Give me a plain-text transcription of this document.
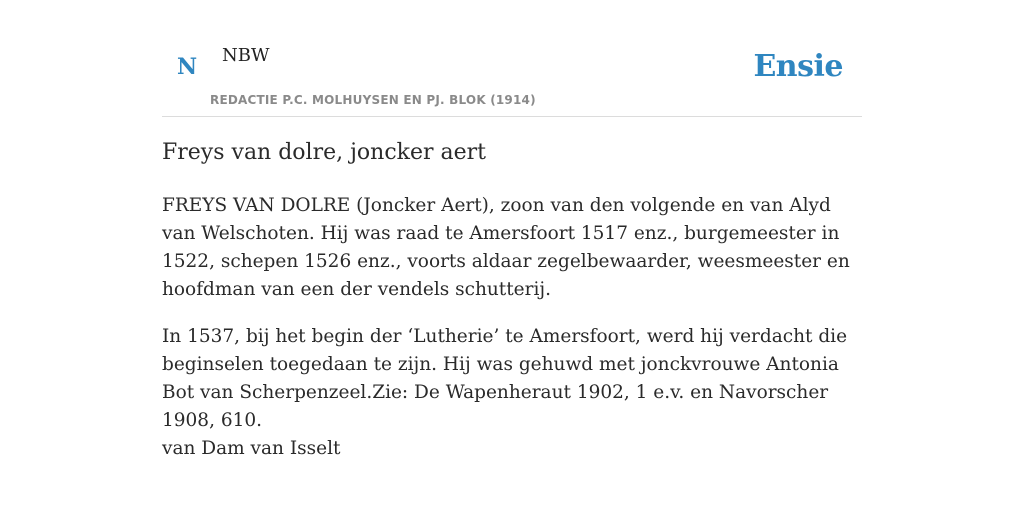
N NBW
REDACTIE P.C. MOLHUYSEN EN PJ. BLOK (1914)
Ensie
Freys van dolre, joncker aert

FREYS VAN DOLRE (Joncker Aert), zoon van den volgende en van Alyd van Welschoten. Hij was raad te Amersfoort 1517 enz., burgemeester in 1522, schepen 1526 enz., voorts aldaar zegelbewaarder, weesmeester en hoofdman van een der vendels schutterij.

In 1537, bij het begin der ‘Lutherie’ te Amersfoort, werd hij verdacht die beginselen toegedaan te zijn. Hij was gehuwd met jonckvrouwe Antonia Bot van Scherpenzeel.Zie: De Wapenheraut 1902, 1 e.v. en Navorscher 1908, 610.

van Dam van Isselt
